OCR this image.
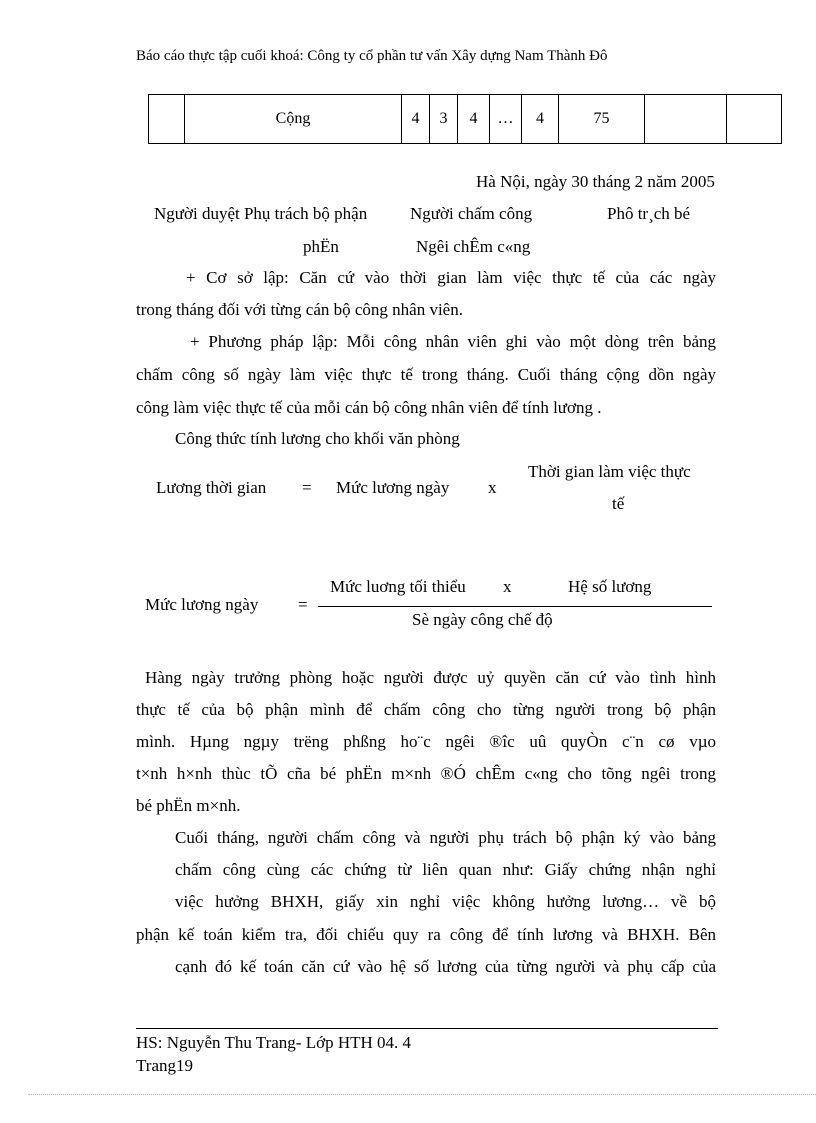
Báo cáo thực tập cuối khoá: Công ty cổ phần tư vấn Xây dựng Nam Thành Đô
	Cộng	4	3	4	…	4	75		
Hà Nội, ngày 30 tháng 2 năm 2005
Người duyệt Phụ trách bộ phận	Người chấm công	Phô tr¸ch bé
phËn	Ngêi chÊm c«ng
+ Cơ sở lập: Căn cứ vào thời gian làm việc thực tế của các ngày
trong tháng đối với từng cán bộ công nhân viên.
+ Phương pháp lập: Mỗi công nhân viên ghi vào một dòng trên bảng
chấm công số ngày làm việc thực tế trong tháng. Cuối tháng cộng dồn ngày
công làm việc thực tế của mỗi cán bộ công nhân viên để tính lương .
Công thức tính lương cho khối văn phòng
Lương thời gian = Mức lương ngày x
Thời gian làm việc thực
tế
Mức lương ngày =
Mức luơng tối thiểu x	Hệ số lương
Sè ngày công chế độ
Hàng ngày trưởng phòng hoặc người được uỷ quyền căn cứ vào tình hình
thực tế của bộ phận mình để chấm công cho từng người trong bộ phận
mình. Hµng ngµy trëng phßng ho¨c ngêi ®îc uû quyÒn c¨n cø vµo
t×nh h×nh thùc tÕ cña bé phËn m×nh ®Ó chÊm c«ng cho tõng ngêi trong
bé phËn m×nh.
Cuối tháng, người chấm công và người phụ trách bộ phận ký vào bảng
chấm công cùng các chứng từ liên quan như: Giấy chứng nhận nghỉ
việc hưởng BHXH, giấy xin nghỉ việc không hưởng lương… về bộ
phận kế toán kiểm tra, đối chiếu quy ra công để tính lương và BHXH. Bên
cạnh đó kế toán căn cứ vào hệ số lương của từng người và phụ cấp của
HS: Nguyễn Thu Trang- Lớp HTH 04. 4
Trang19
